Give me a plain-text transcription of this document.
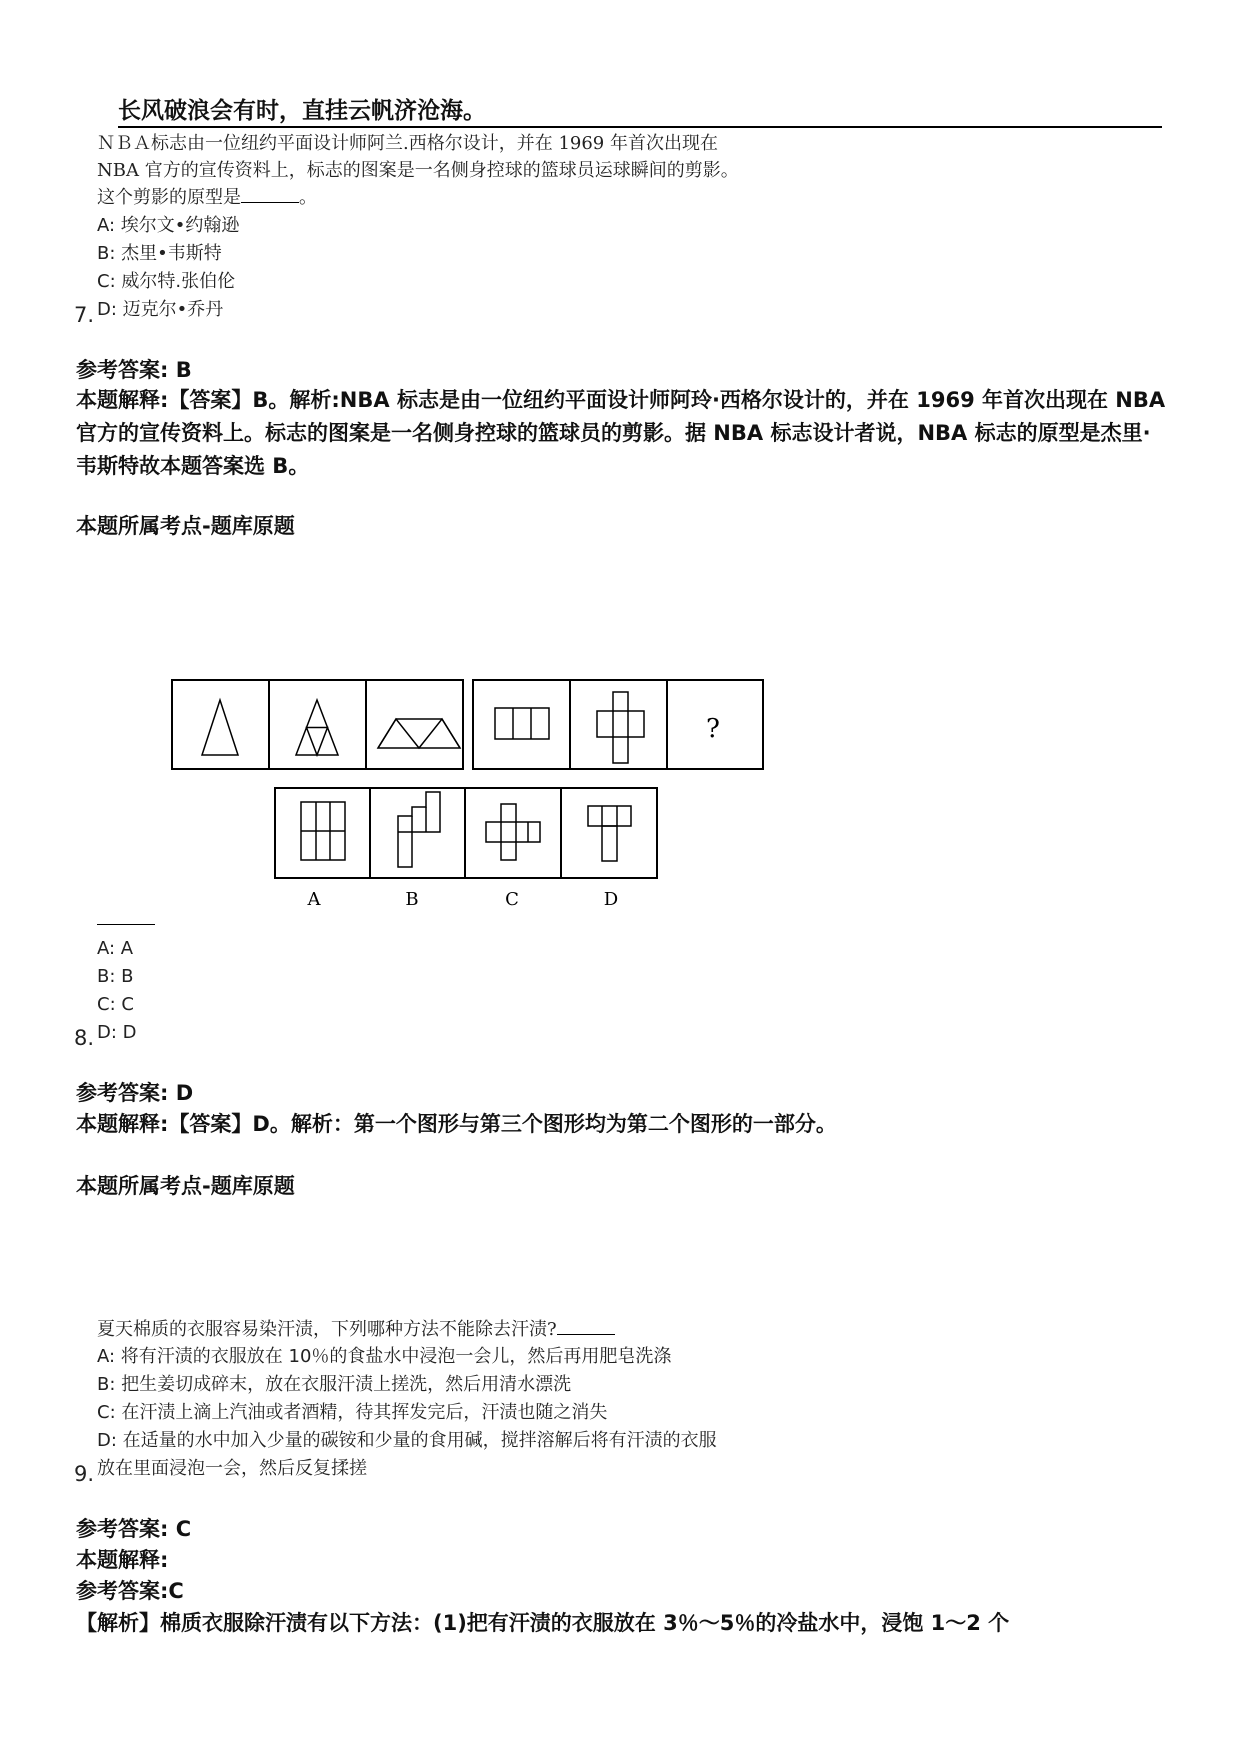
长风破浪会有时，直挂云帆济沧海。
ＮＢＡ标志由一位纽约平面设计师阿兰.西格尔设计，并在 1969 年首次出现在
NBA 官方的宣传资料上，标志的图案是一名侧身控球的篮球员运球瞬间的剪影。
这个剪影的原型是	。
A: 埃尔文•约翰逊
B: 杰里•韦斯特
C: 威尔特.张伯伦
D: 迈克尔•乔丹
7.
参考答案: B
本题解释:【答案】B。解析:NBA 标志是由一位纽约平面设计师阿玲·西格尔设计的，并在 1969 年首次出现在 NBA 官方的宣传资料上。标志的图案是一名侧身控球的篮球员的剪影。据 NBA 标志设计者说，NBA 标志的原型是杰里·韦斯特故本题答案选 B。
本题所属考点-题库原题
?
A	B	C	D
A: A
B: B
C: C
D: D
8.
参考答案: D
本题解释:【答案】D。解析：第一个图形与第三个图形均为第二个图形的一部分。
本题所属考点-题库原题
夏天棉质的衣服容易染汗渍，下列哪种方法不能除去汗渍?
A: 将有汗渍的衣服放在 10％的食盐水中浸泡一会儿，然后再用肥皂洗涤
B: 把生姜切成碎末，放在衣服汗渍上搓洗，然后用清水漂洗
C: 在汗渍上滴上汽油或者酒精，待其挥发完后，汗渍也随之消失
D: 在适量的水中加入少量的碳铵和少量的食用碱，搅拌溶解后将有汗渍的衣服
放在里面浸泡一会，然后反复揉搓
9.
参考答案: C
本题解释:
参考答案:C
【解析】棉质衣服除汗渍有以下方法：(1)把有汗渍的衣服放在 3％～5％的冷盐水中，浸饱 1～2 个
